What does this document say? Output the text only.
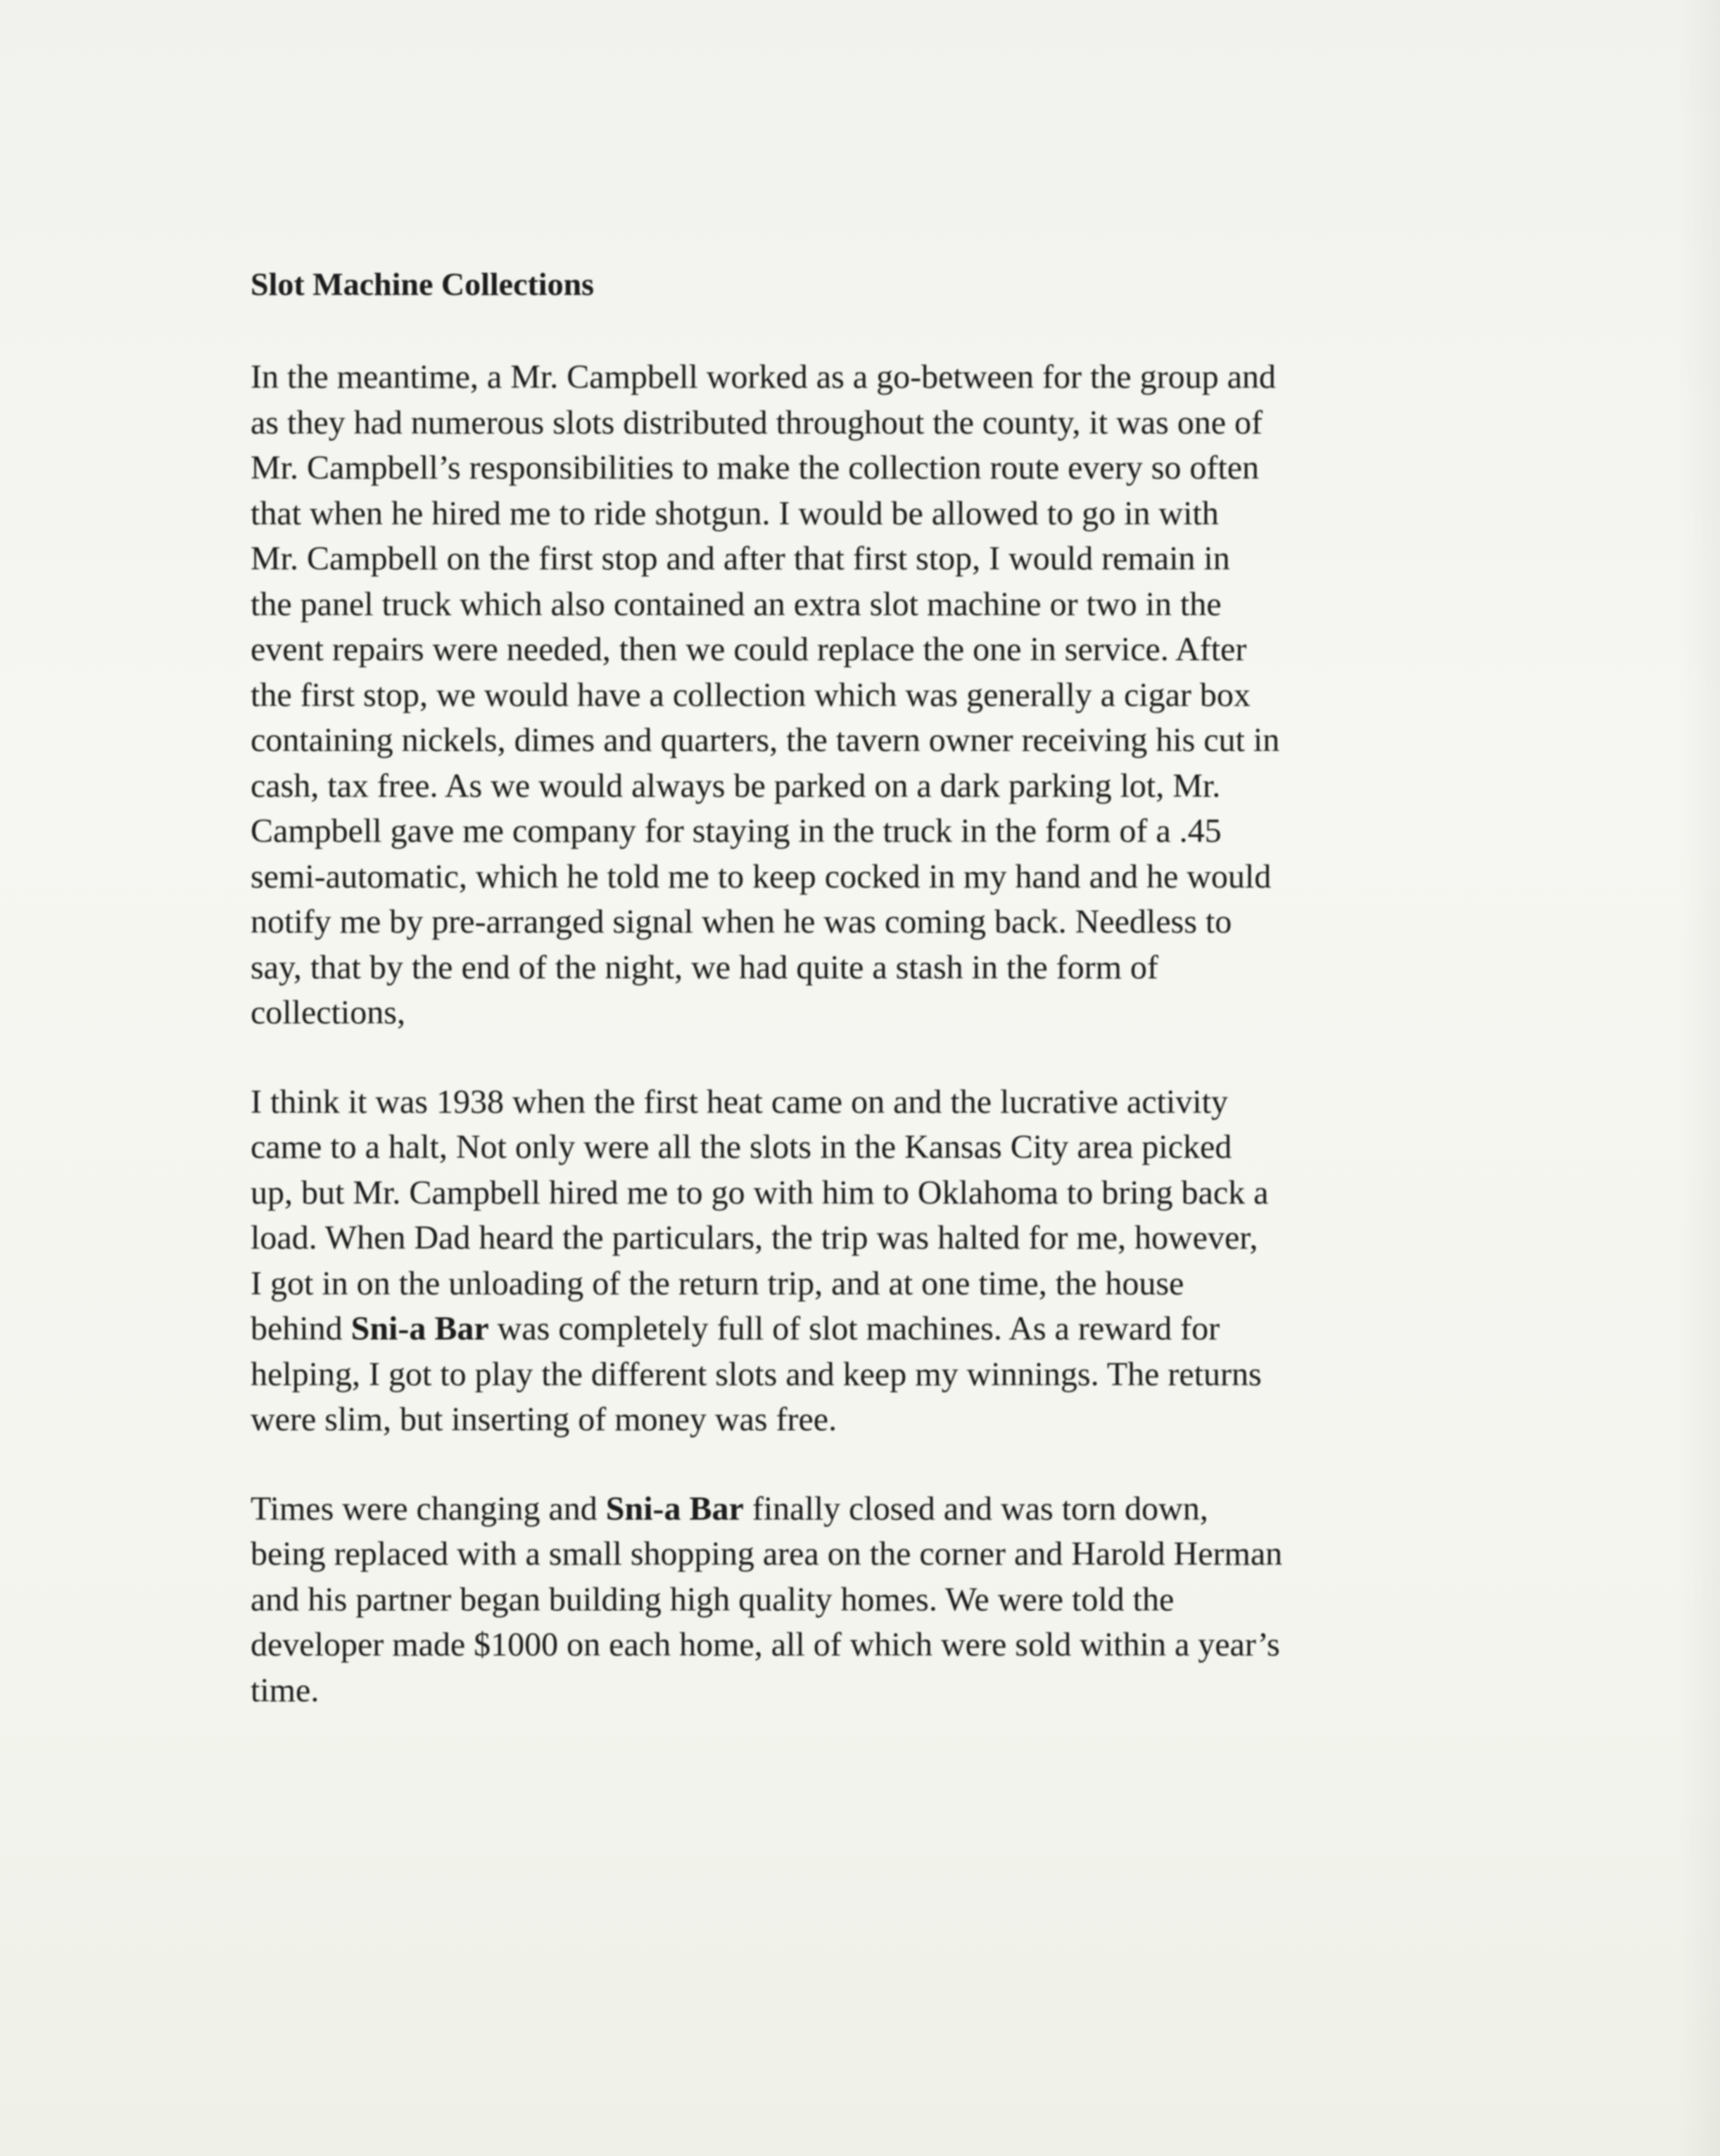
Slot Machine Collections
In the meantime, a Mr. Campbell worked as a go-between for the group and
as they had numerous slots distributed throughout the county, it was one of
Mr. Campbell’s responsibilities to make the collection route every so often
that when he hired me to ride shotgun. I would be allowed to go in with
Mr. Campbell on the first stop and after that first stop, I would remain in
the panel truck which also contained an extra slot machine or two in the
event repairs were needed, then we could replace the one in service. After
the first stop, we would have a collection which was generally a cigar box
containing nickels, dimes and quarters, the tavern owner receiving his cut in
cash, tax free. As we would always be parked on a dark parking lot, Mr.
Campbell gave me company for staying in the truck in the form of a .45
semi-automatic, which he told me to keep cocked in my hand and he would
notify me by pre-arranged signal when he was coming back. Needless to
say, that by the end of the night, we had quite a stash in the form of
collections,
I think it was 1938 when the first heat came on and the lucrative activity
came to a halt, Not only were all the slots in the Kansas City area picked
up, but Mr. Campbell hired me to go with him to Oklahoma to bring back a
load. When Dad heard the particulars, the trip was halted for me, however,
I got in on the unloading of the return trip, and at one time, the house
behind Sni-a Bar was completely full of slot machines. As a reward for
helping, I got to play the different slots and keep my winnings. The returns
were slim, but inserting of money was free.
Times were changing and Sni-a Bar finally closed and was torn down,
being replaced with a small shopping area on the corner and Harold Herman
and his partner began building high quality homes. We were told the
developer made $1000 on each home, all of which were sold within a year’s
time.
